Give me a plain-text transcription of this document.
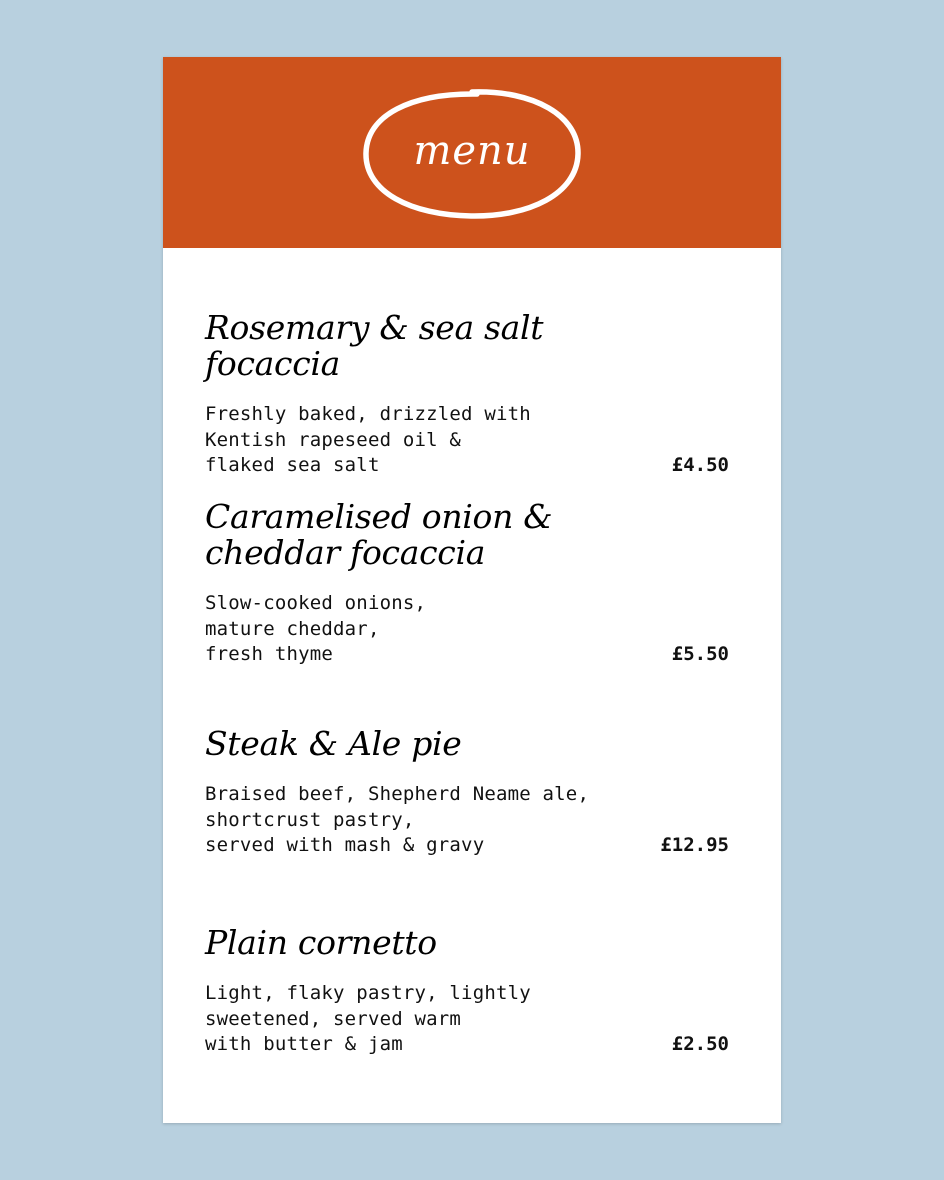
menu
Rosemary & sea salt focaccia
Freshly baked, drizzled with
Kentish rapeseed oil &
flaked sea salt	£4.50
Caramelised onion & cheddar focaccia
Slow-cooked onions,
mature cheddar,
fresh thyme	£5.50
Steak & Ale pie
Braised beef, Shepherd Neame ale,
shortcrust pastry,
served with mash & gravy	£12.95
Plain cornetto
Light, flaky pastry, lightly
sweetened, served warm
with butter & jam	£2.50
